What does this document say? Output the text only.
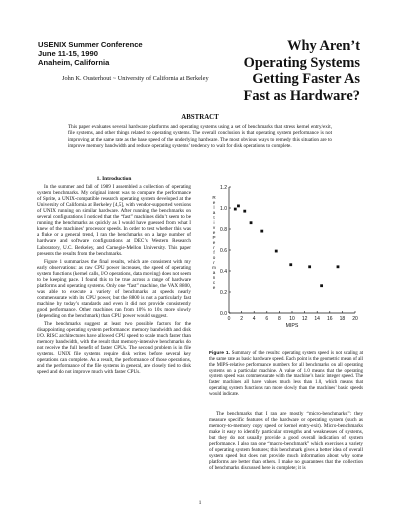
USENIX Summer Conference
June 11-15, 1990
Anaheim, California
Why Aren’t
Operating Systems
Getting Faster As
Fast as Hardware?
John K. Ousterhout ~ University of California at Berkeley
ABSTRACT
This paper evaluates several hardware platforms and operating systems using a set of benchmarks that stress kernel entry/exit, file systems, and other things related to operating systems. The overall conclusion is that operating system performance is not improving at the same rate as the base speed of the underlying hardware. The most obvious ways to remedy this situation are to improve memory bandwidth and reduce operating systems’ tendency to wait for disk operations to complete.
1. Introduction

In the summer and fall of 1989 I assembled a collection of operating system benchmarks. My original intent was to compare the performance of Sprite, a UNIX-compatible research operating system developed at the University of California at Berkeley [4,5], with vendor-supported versions of UNIX running on similar hardware. After running the benchmarks on several configurations I noticed that the “fast” machines didn’t seem to be running the benchmarks as quickly as I would have guessed from what I knew of the machines’ processor speeds. In order to test whether this was a fluke or a general trend, I ran the benchmarks on a large number of hardware and software configurations at DEC’s Western Research Laboratory, U.C. Berkeley, and Carnegie-Mellon University. This paper presents the results from the benchmarks.

Figure 1 summarizes the final results, which are consistent with my early observations: as raw CPU power increases, the speed of operating system functions (kernel calls, I/O operations, data moving) does not seem to be keeping pace. I found this to be true across a range of hardware platforms and operating systems. Only one “fast” machine, the VAX 8800, was able to execute a variety of benchmarks at speeds nearly commensurate with its CPU power, but the 8800 is not a particularly fast machine by today’s standards and even it did not provide consistently good performance. Other machines ran from 10% to 10x more slowly (depending on the benchmark) than CPU power would suggest.

The benchmarks suggest at least two possible factors for the disappointing operating system performance: memory bandwidth and disk I/O. RISC architectures have allowed CPU speed to scale much faster than memory bandwidth, with the result that memory-intensive benchmarks do not receive the full benefit of faster CPUs. The second problem is in file systems. UNIX file systems require disk writes before several key operations can complete. As a result, the performance of those operations, and the performance of the file systems in general, are closely tied to disk speed and do not improve much with faster CPUs.

0.0
0.2
0.4
0.6
0.8
1.0
1.2
0 2 4 6 8 10 12 14 16 18 20
MIPS
R
e
l
a
t
i
v
e
P
e
r
f
o
r
m
a
n
c
e
Figure 1. Summary of the results: operating system speed is not scaling at the same rate as basic hardware speed. Each point is the geometric mean of all the MIPS-relative performance numbers for all benchmarks on all operating systems on a particular machine. A value of 1.0 means that the operating system speed was commensurate with the machine’s basic integer speed. The faster machines all have values much less than 1.0, which means that operating system functions ran more slowly than the machines’ basic speeds would indicate.

The benchmarks that I ran are mostly “micro-benchmarks”: they measure specific features of the hardware or operating system (such as memory-to-memory copy speed or kernel entry-exit). Micro-benchmarks make it easy to identify particular strengths and weaknesses of systems, but they do not usually provide a good overall indication of system performance. I also ran one “macro-benchmark” which exercises a variety of operating system features; this benchmark gives a better idea of overall system speed but does not provide much information about why some platforms are better than others. I make no guarantees that the collection of benchmarks discussed here is complete; it is

1
